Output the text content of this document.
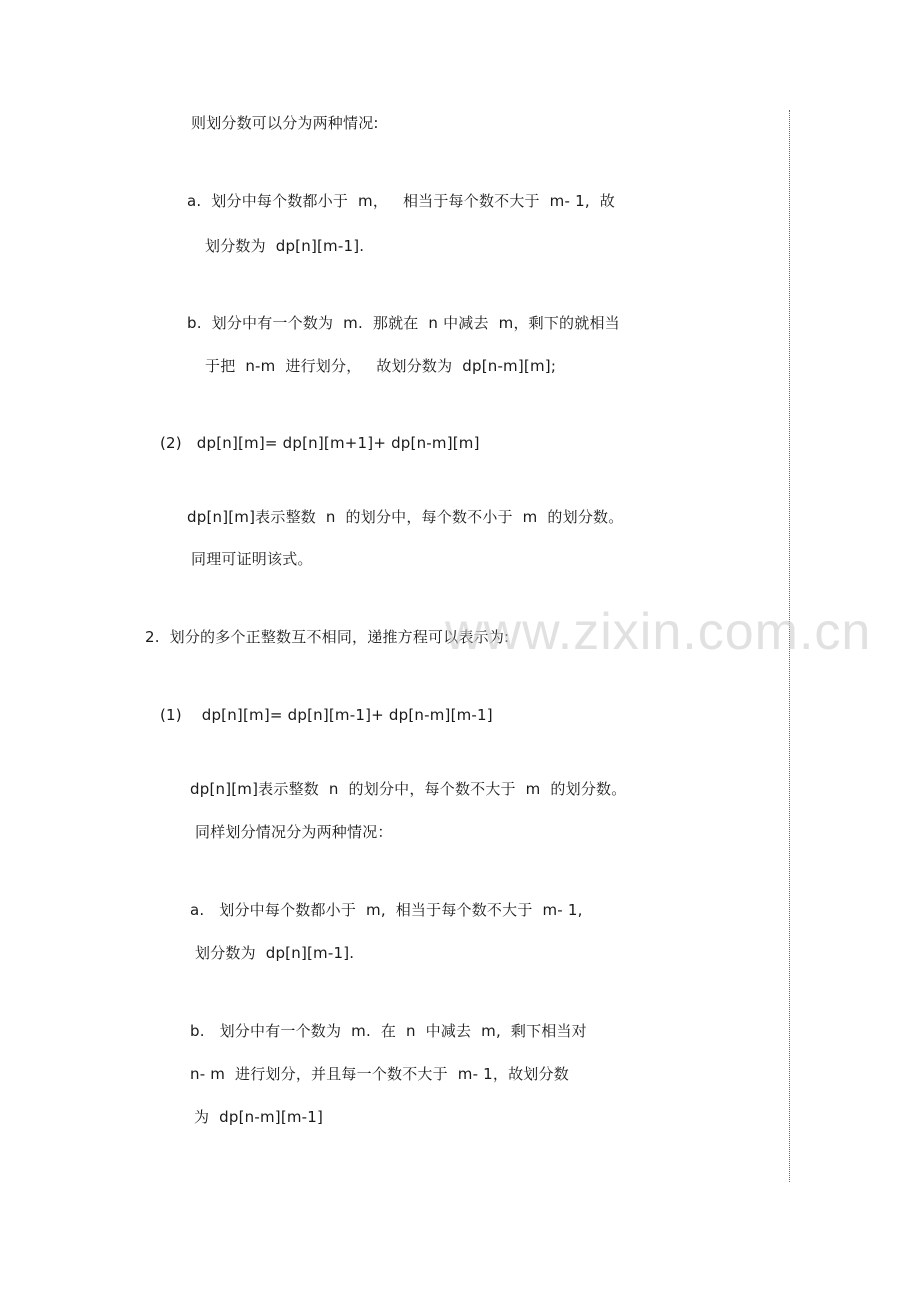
则划分数可以分为两种情况:
a.  划分中每个数都小于  m，   相当于每个数不大于  m- 1,  故
划分数为  dp[n][m-1].
b.  划分中有一个数为  m.  那就在  n 中减去  m，剩下的就相当
于把  n-m  进行划分，   故划分数为  dp[n-m][m];
(2)   dp[n][m]= dp[n][m+1]+ dp[n-m][m]
dp[n][m]表示整数  n  的划分中，每个数不小于  m  的划分数。
同理可证明该式。
2.  划分的多个正整数互不相同，递推方程可以表示为:
www.zixin.com.cn
(1)    dp[n][m]= dp[n][m-1]+ dp[n-m][m-1]
dp[n][m]表示整数  n  的划分中，每个数不大于  m  的划分数。
同样划分情况分为两种情况：
a.   划分中每个数都小于  m,  相当于每个数不大于  m- 1,
划分数为  dp[n][m-1].
b.   划分中有一个数为  m.  在  n  中减去  m,  剩下相当对
n- m  进行划分，并且每一个数不大于  m- 1，故划分数
为  dp[n-m][m-1]
